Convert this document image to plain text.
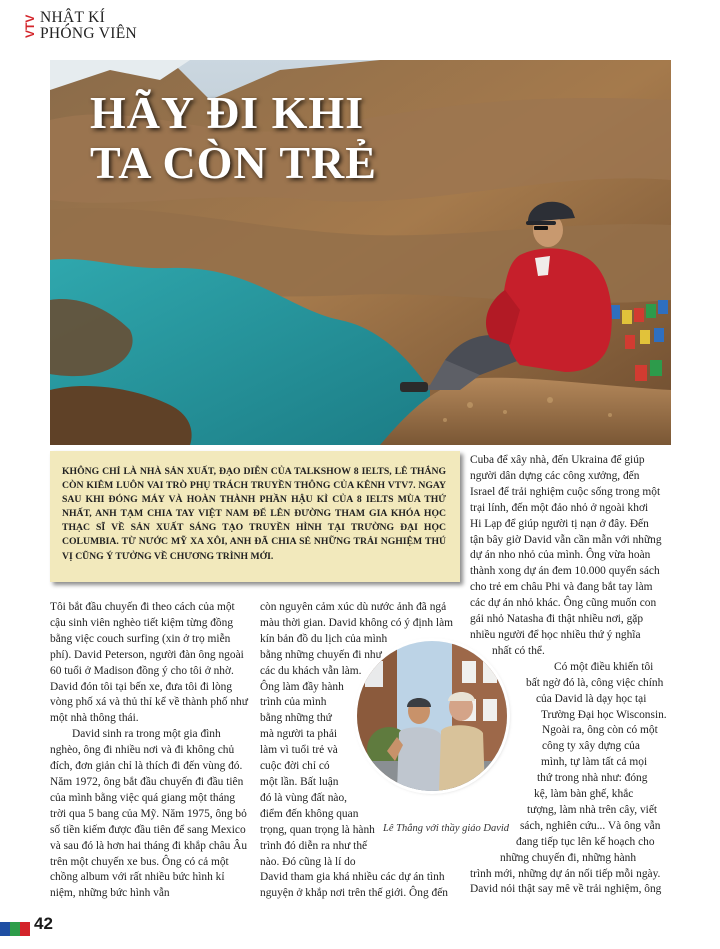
VTV NHẬT KÍ
PHÓNG VIÊN
HÃY ĐI KHI
TA CÒN TRẺ
KHÔNG CHỈ LÀ NHÀ SẢN XUẤT, ĐẠO DIỄN CỦA TALKSHOW 8 IELTS, LÊ THẮNG CÒN KIÊM LUÔN VAI TRÒ PHỤ TRÁCH TRUYỀN THÔNG CỦA KÊNH VTV7. NGAY SAU KHI ĐÓNG MÁY VÀ HOÀN THÀNH PHẦN HẬU KÌ CỦA 8 IELTS MÙA THỨ NHẤT, ANH TẠM CHIA TAY VIỆT NAM ĐỂ LÊN ĐƯỜNG THAM GIA KHÓA HỌC THẠC SĨ VỀ SẢN XUẤT SÁNG TẠO TRUYỀN HÌNH TẠI TRƯỜNG ĐẠI HỌC COLUMBIA. TỪ NƯỚC MỸ XA XÔI, ANH ĐÃ CHIA SẺ NHỮNG TRẢI NGHIỆM THÚ VỊ CŨNG Ý TƯỞNG VỀ CHƯƠNG TRÌNH MỚI.

Tôi bắt đầu chuyến đi theo cách của một cậu sinh viên nghèo tiết kiệm từng đồng bằng việc couch surfing (xin ở trọ miễn phí). David Peterson, người đàn ông ngoài 60 tuổi ở Madison đồng ý cho tôi ở nhờ. David đón tôi tại bến xe, đưa tôi đi lòng vòng phố xá và thủ thỉ kể về thành phố như một nhà thông thái.

David sinh ra trong một gia đình nghèo, ông đi nhiều nơi và đi không chủ đích, đơn giản chỉ là thích đi đến vùng đó. Năm 1972, ông bắt đầu chuyến đi đầu tiên của mình bằng việc quá giang một tháng trời qua 5 bang của Mỹ. Năm 1975, ông bỏ số tiền kiếm được đầu tiên để sang Mexico và sau đó là hơn hai tháng đi khắp châu Âu trên một chuyến xe bus. Ông có cả một chồng album với rất nhiều bức hình kỉ niệm, những bức hình vẫn

còn nguyên cảm xúc dù nước ảnh đã ngả
màu thời gian. David không có ý định làm
kín bản đồ du lịch của mình
bằng những chuyến đi như
các du khách vẫn làm.
Ông làm đầy hành
trình của mình
bằng những thứ
mà người ta phải
làm vì tuổi trẻ và
cuộc đời chỉ có
một lần. Bất luận
đó là vùng đất nào,
điểm đến không quan
trọng, quan trọng là hành
trình đó diễn ra như thế
nào. Đó cũng là lí do
David tham gia khá nhiều các dự án tình
nguyện ở khắp nơi trên thế giới. Ông đến
Cuba để xây nhà, đến Ukraina để giúp
người dân dựng các công xưởng, đến
Israel để trải nghiệm cuộc sống trong một
trại lính, đến một đảo nhỏ ở ngoài khơi
Hi Lạp để giúp người tị nạn ở đây. Đến
tận bây giờ David vẫn cần mẫn với những
dự án nho nhỏ của mình. Ông vừa hoàn
thành xong dự án đem 10.000 quyển sách
cho trẻ em châu Phi và đang bắt tay làm
các dự án nhỏ khác. Ông cũng muốn con
gái nhỏ Natasha đi thật nhiều nơi, gặp
nhiều người để học nhiều thứ ý nghĩa
nhất có thể.
Có một điều khiến tôi
bất ngờ đó là, công việc chính
của David là dạy học tại
Trường Đại học Wisconsin.
Ngoài ra, ông còn có một
công ty xây dựng của
mình, tự làm tất cả mọi
thứ trong nhà như: đóng
kệ, làm bàn ghế, khắc
tượng, làm nhà trên cây, viết
sách, nghiên cứu... Và ông vẫn
đang tiếp tục lên kế hoạch cho
những chuyến đi, những hành
trình mới, những dự án nối tiếp mỗi ngày.
David nói thật say mê về trải nghiệm, ông
Lê Thắng với thầy giáo David
42
